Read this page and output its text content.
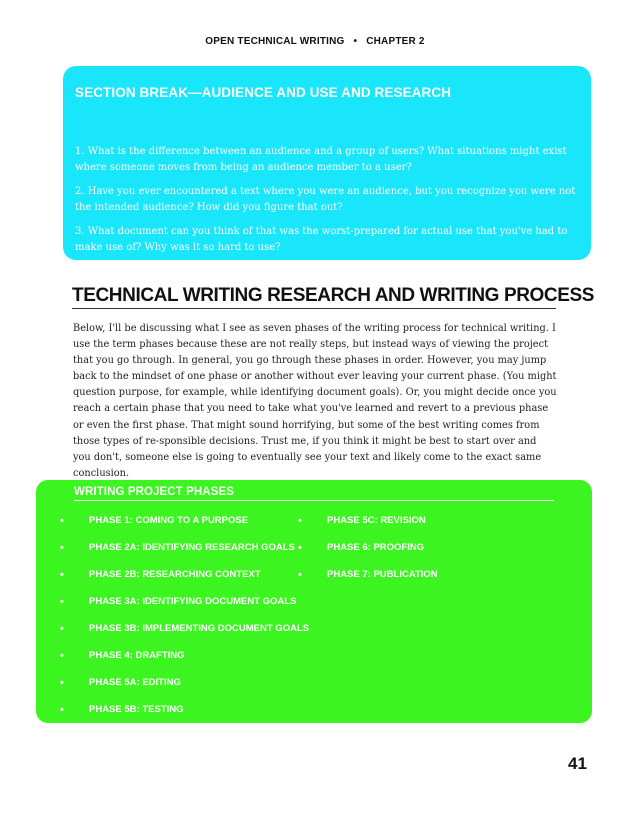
OPEN TECHNICAL WRITING • CHAPTER 2
SECTION BREAK—AUDIENCE AND USE AND RESEARCH

1. What is the difference between an audience and a group of users? What situations might exist where someone moves from being an audience member to a user?

2. Have you ever encountered a text where you were an audience, but you recognize you were not the intended audience? How did you figure that out?

3. What document can you think of that was the worst-prepared for actual use that you've had to make use of? Why was it so hard to use?

TECHNICAL WRITING RESEARCH AND WRITING PROCESS

Below, I'll be discussing what I see as seven phases of the writing process for technical writing. I use the term phases because these are not really steps, but instead ways of viewing the project that you go through. In general, you go through these phases in order. However, you may jump back to the mindset of one phase or another without ever leaving your current phase. (You might question purpose, for example, while identifying document goals). Or, you might decide once you reach a certain phase that you need to take what you've learned and revert to a previous phase or even the first phase. That might sound horrifying, but some of the best writing comes from those types of re-sponsible decisions. Trust me, if you think it might be best to start over and you don't, someone else is going to eventually see your text and likely come to the exact same conclusion.

WRITING PROJECT PHASES
•	PHASE 1: COMING TO A PURPOSE
•	PHASE 2A: IDENTIFYING RESEARCH GOALS
•	PHASE 2B: RESEARCHING CONTEXT
•	PHASE 3A: IDENTIFYING DOCUMENT GOALS
•	PHASE 3B: IMPLEMENTING DOCUMENT GOALS
•	PHASE 4: DRAFTING
•	PHASE 5A: EDITING
•	PHASE 5B: TESTING
•	PHASE 5C: REVISION
•	PHASE 6: PROOFING
•	PHASE 7: PUBLICATION
41
